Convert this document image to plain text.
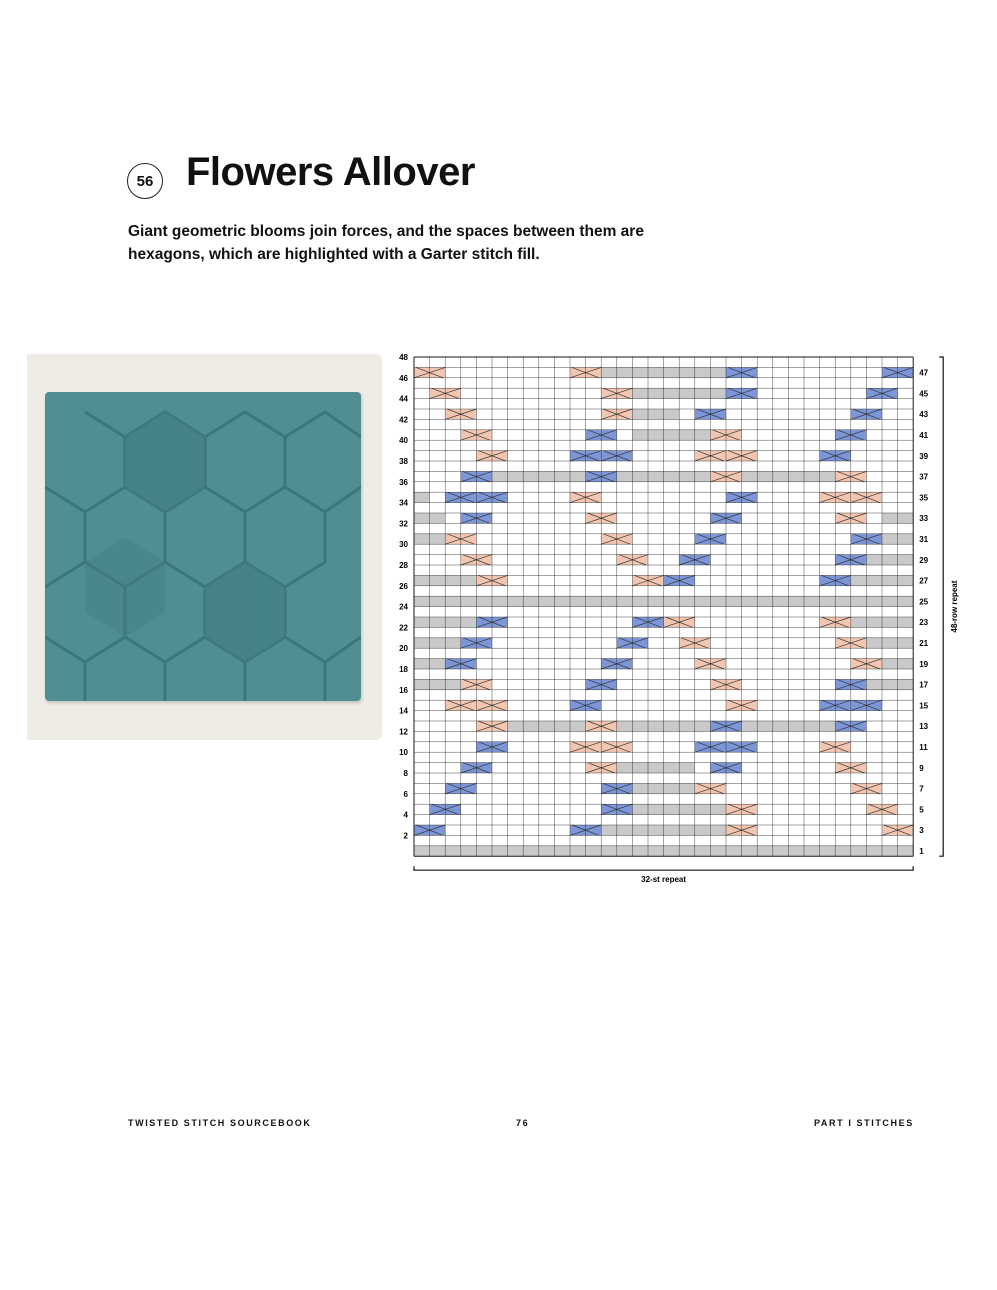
56 Flowers Allover

Giant geometric blooms join forces, and the spaces between them are hexagons, which are highlighted with a Garter stitch fill.

48
46
44
42
40
38
36
34
32
30
28
26
24
22
20
18
16
14
12
10
8
6
4
2
47
45
43
41
39
37
35
33
31
29
27
25
23
21
19
17
15
13
11
9
7
5
3
1
32-st repeat
48-row repeat
TWISTED STITCH SOURCEBOOK	76	PART I STITCHES
